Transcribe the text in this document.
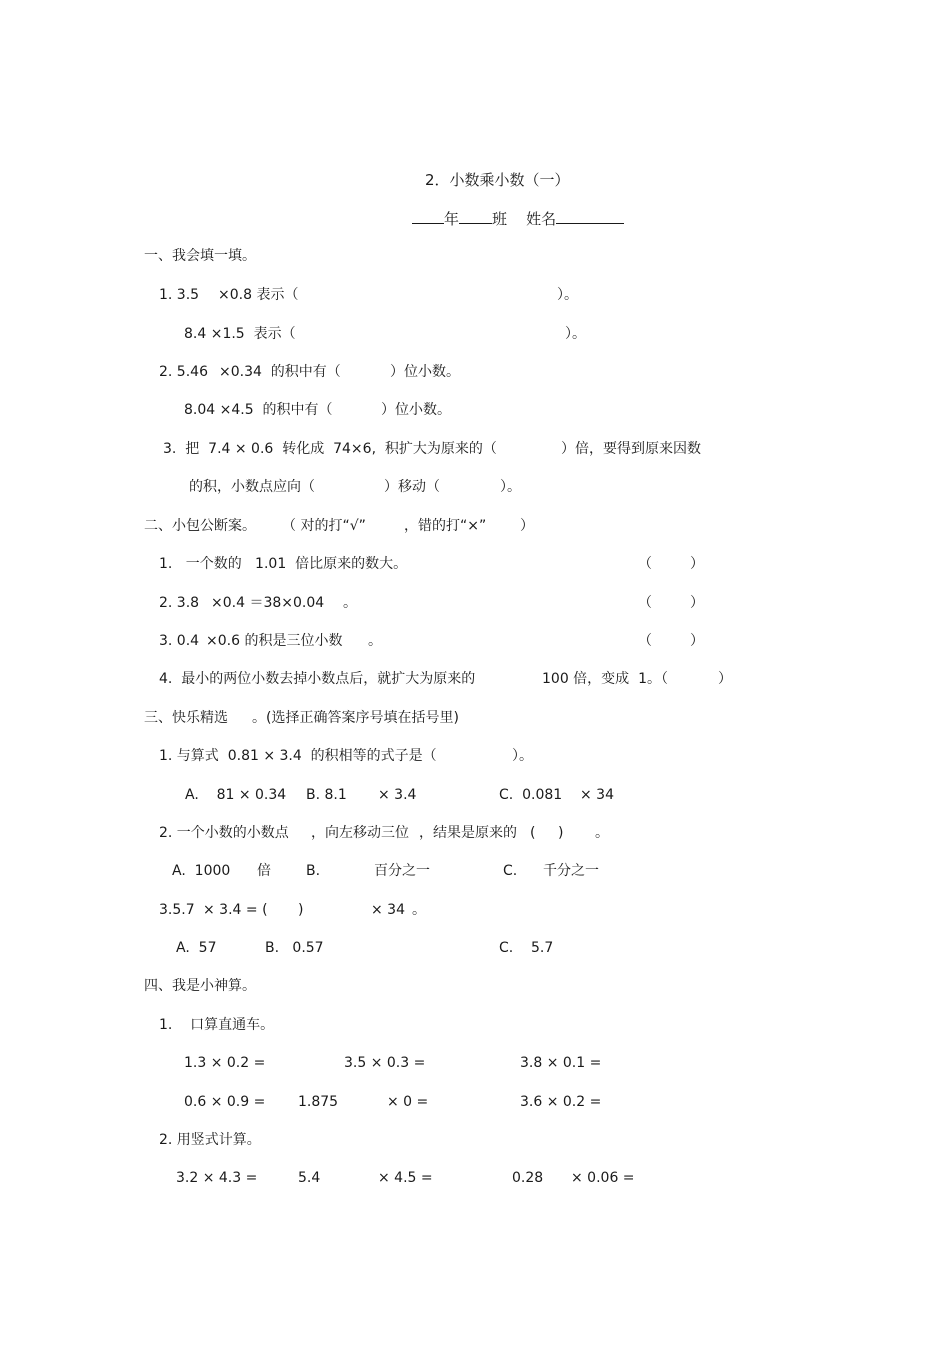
2．小数乘小数（一）
年 班 姓名
一、我会填一填。
1. 3.5 ×0.8 表示（	）。
8.4 ×1.5  表示（	）。
2. 5.46 ×0.34  的积中有（	）位小数。
8.04 ×4.5  的积中有（	）位小数。
3.  把  7.4 × 0.6  转化成  74×6,  积扩大为原来的（	）倍，要得到原来因数
的积，小数点应向（	）移动（	）。
二、小包公断案。 （ 对的打“√”	，错的打“×” ）
1.   一个数的   1.01  倍比原来的数大。	（	）
2. 3.8 ×0.4 ＝38×0.04 。	（	）
3. 0.4 ×0.6 的积是三位小数 。	（	）
4.  最小的两位小数去掉小数点后，就扩大为原来的	100 倍，变成  1。（	）
三、快乐精选 。(选择正确答案序号填在括号里)
1. 与算式  0.81 × 3.4  的积相等的式子是（	）。
A.    81 × 0.34 B. 8.1 × 3.4	C.  0.081 × 34
2. 一个小数的小数点 ，向左移动三位 ，结果是原来的 ( ) 。
A.  1000 倍	B.	百分之一	C. 千分之一
3.5.7 × 3.4 = ( )	× 34 。
A.  57	B.   0.57	C.    5.7
四、我是小神算。
1.    口算直通车。
1.3 × 0.2 =	3.5 × 0.3 =	3.8 × 0.1 =
0.6 × 0.9 = 1.875	× 0 =	3.6 × 0.2 =
2. 用竖式计算。
3.2 × 4.3 =	5.4	× 4.5 =	0.28 × 0.06 =
